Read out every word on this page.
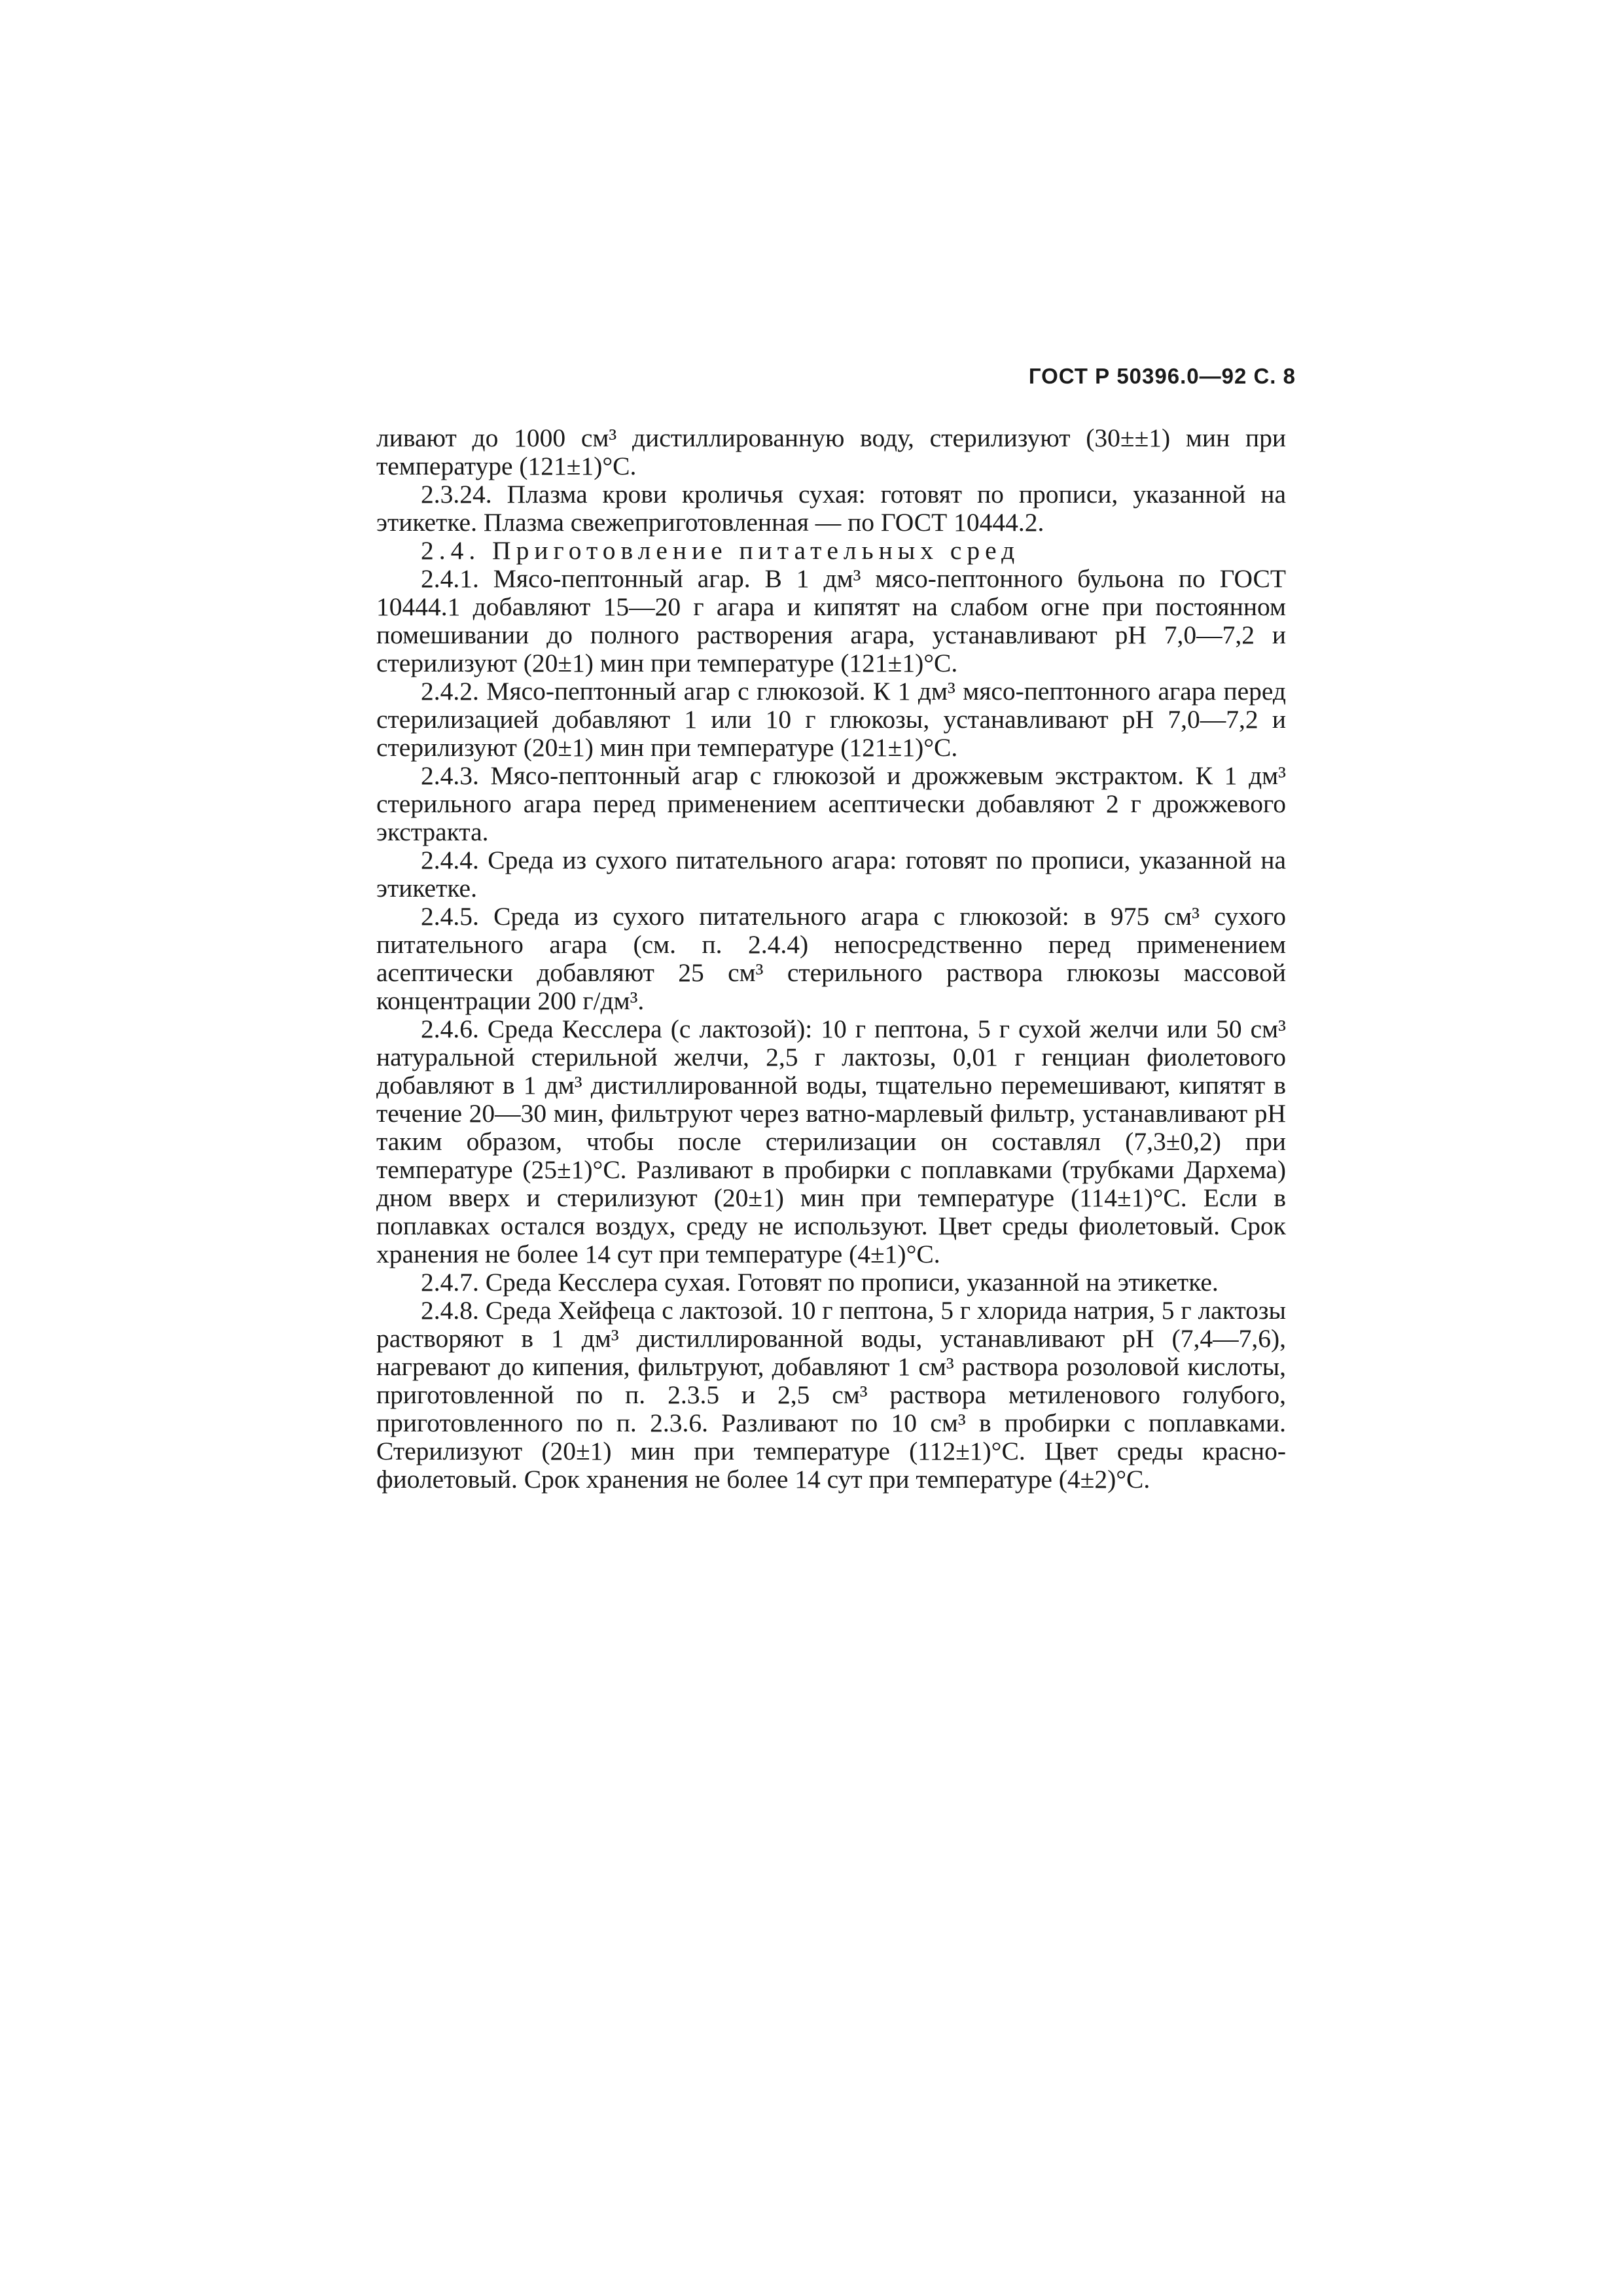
ГОСТ Р 50396.0—92 С. 8

ливают до 1000 см³ дистиллированную воду, стерилизуют (30±±1) мин при температуре (121±1)°С.

2.3.24. Плазма крови кроличья сухая: готовят по прописи, указанной на этикетке. Плазма свежеприготовленная — по ГОСТ 10444.2.

2.4. Приготовление питательных сред

2.4.1. Мясо-пептонный агар. В 1 дм³ мясо-пептонного бульона по ГОСТ 10444.1 добавляют 15—20 г агара и кипятят на слабом огне при постоянном помешивании до полного растворения агара, устанавливают рН 7,0—7,2 и стерилизуют (20±1) мин при температуре (121±1)°С.

2.4.2. Мясо-пептонный агар с глюкозой. К 1 дм³ мясо-пептонного агара перед стерилизацией добавляют 1 или 10 г глюкозы, устанавливают рН 7,0—7,2 и стерилизуют (20±1) мин при температуре (121±1)°С.

2.4.3. Мясо-пептонный агар с глюкозой и дрожжевым экстрактом. К 1 дм³ стерильного агара перед применением асептически добавляют 2 г дрожжевого экстракта.

2.4.4. Среда из сухого питательного агара: готовят по прописи, указанной на этикетке.

2.4.5. Среда из сухого питательного агара с глюкозой: в 975 см³ сухого питательного агара (см. п. 2.4.4) непосредственно перед применением асептически добавляют 25 см³ стерильного раствора глюкозы массовой концентрации 200 г/дм³.

2.4.6. Среда Кесслера (с лактозой): 10 г пептона, 5 г сухой желчи или 50 см³ натуральной стерильной желчи, 2,5 г лактозы, 0,01 г генциан фиолетового добавляют в 1 дм³ дистиллированной воды, тщательно перемешивают, кипятят в течение 20—30 мин, фильтруют через ватно-марлевый фильтр, устанавливают рН таким образом, чтобы после стерилизации он составлял (7,3±0,2) при температуре (25±1)°С. Разливают в пробирки с поплавками (трубками Дархема) дном вверх и стерилизуют (20±1) мин при температуре (114±1)°С. Если в поплавках остался воздух, среду не используют. Цвет среды фиолетовый. Срок хранения не более 14 сут при температуре (4±1)°С.

2.4.7. Среда Кесслера сухая. Готовят по прописи, указанной на этикетке.

2.4.8. Среда Хейфеца с лактозой. 10 г пептона, 5 г хлорида натрия, 5 г лактозы растворяют в 1 дм³ дистиллированной воды, устанавливают рН (7,4—7,6), нагревают до кипения, фильтруют, добавляют 1 см³ раствора розоловой кислоты, приготовленной по п. 2.3.5 и 2,5 см³ раствора метиленового голубого, приготовленного по п. 2.3.6. Разливают по 10 см³ в пробирки с поплавками. Стерилизуют (20±1) мин при температуре (112±1)°С. Цвет среды красно-фиолетовый. Срок хранения не более 14 сут при температуре (4±2)°С.
